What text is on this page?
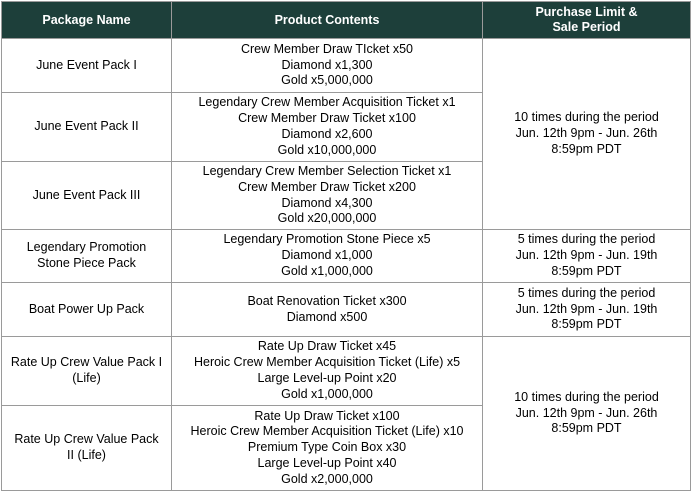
Package Name	Product Contents	Purchase Limit &
Sale Period

June Event Pack I	Crew Member Draw TIcket x50
Diamond x1,300
Gold x5,000,000	10 times during the period
Jun. 12th 9pm - Jun. 26th
8:59pm PDT

June Event Pack II	Legendary Crew Member Acquisition Ticket x1
Crew Member Draw Ticket x100
Diamond x2,600
Gold x10,000,000	

June Event Pack III	Legendary Crew Member Selection Ticket x1
Crew Member Draw Ticket x200
Diamond x4,300
Gold x20,000,000	

Legendary Promotion
Stone Piece Pack	Legendary Promotion Stone Piece x5
Diamond x1,000
Gold x1,000,000	5 times during the period
Jun. 12th 9pm - Jun. 19th
8:59pm PDT

Boat Power Up Pack	Boat Renovation Ticket x300
Diamond x500	5 times during the period
Jun. 12th 9pm - Jun. 19th
8:59pm PDT

Rate Up Crew Value Pack I
(Life)	Rate Up Draw Ticket x45
Heroic Crew Member Acquisition Ticket (Life) x5
Large Level-up Point x20
Gold x1,000,000	10 times during the period
Jun. 12th 9pm - Jun. 26th
8:59pm PDT

Rate Up Crew Value Pack
II (Life)	Rate Up Draw Ticket x100
Heroic Crew Member Acquisition Ticket (Life) x10
Premium Type Coin Box x30
Large Level-up Point x40
Gold x2,000,000	
